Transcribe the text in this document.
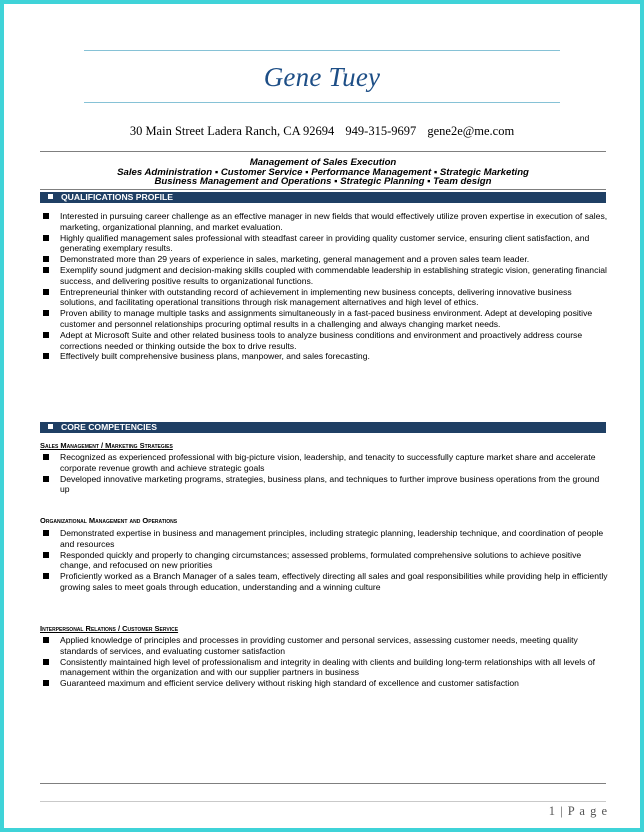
Gene Tuey
30 Main Street Ladera Ranch, CA 92694 949-315-9697 gene2e@me.com
Management of Sales Execution
Sales Administration ▪ Customer Service ▪ Performance Management ▪ Strategic Marketing
Business Management and Operations ▪ Strategic Planning ▪ Team design
QUALIFICATIONS PROFILE
Interested in pursuing career challenge as an effective manager in new fields that would effectively utilize proven expertise in execution of sales, marketing, organizational planning, and market evaluation.
Highly qualified management sales professional with steadfast career in providing quality customer service, ensuring client satisfaction, and generating exemplary results.
Demonstrated more than 29 years of experience in sales, marketing, general management and a proven sales team leader.
Exemplify sound judgment and decision-making skills coupled with commendable leadership in establishing strategic vision, generating financial success, and delivering positive results to organizational functions.
Entrepreneurial thinker with outstanding record of achievement in implementing new business concepts, delivering innovative business solutions, and facilitating operational transitions through risk management alternatives and high level of ethics.
Proven ability to manage multiple tasks and assignments simultaneously in a fast-paced business environment. Adept at developing positive customer and personnel relationships procuring optimal results in a challenging and always changing market needs.
Adept at Microsoft Suite and other related business tools to analyze business conditions and environment and proactively address course corrections needed or thinking outside the box to drive results.
Effectively built comprehensive business plans, manpower, and sales forecasting.
CORE COMPETENCIES
Sales Management / Marketing Strategies
Recognized as experienced professional with big-picture vision, leadership, and tenacity to successfully capture market share and accelerate corporate revenue growth and achieve strategic goals
Developed innovative marketing programs, strategies, business plans, and techniques to further improve business operations from the ground up
Organizational Management and Operations
Demonstrated expertise in business and management principles, including strategic planning, leadership technique, and coordination of people and resources
Responded quickly and properly to changing circumstances; assessed problems, formulated comprehensive solutions to achieve positive change, and refocused on new priorities
Proficiently worked as a Branch Manager of a sales team, effectively directing all sales and goal responsibilities while providing help in efficiently growing sales to meet goals through education, understanding and a winning culture
Interpersonal Relations / Customer Service
Applied knowledge of principles and processes in providing customer and personal services, assessing customer needs, meeting quality standards of services, and evaluating customer satisfaction
Consistently maintained high level of professionalism and integrity in dealing with clients and building long-term relationships with all levels of management within the organization and with our supplier partners in business
Guaranteed maximum and efficient service delivery without risking high standard of excellence and customer satisfaction
1 | P a g e
